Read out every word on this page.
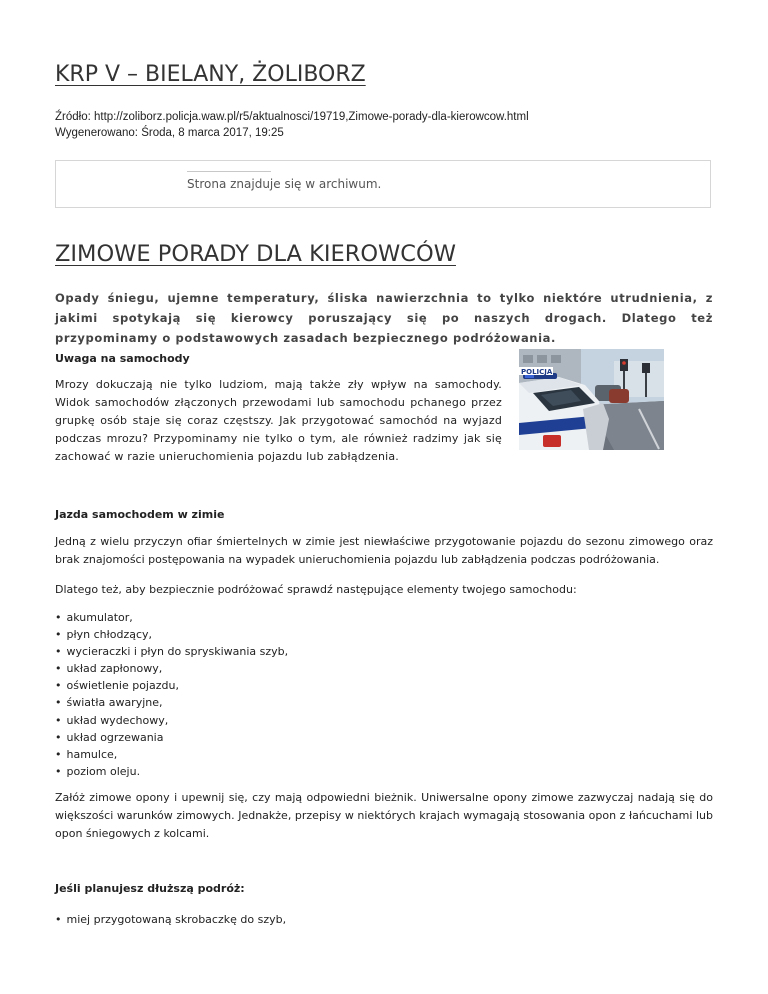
KRP V – BIELANY, ŻOLIBORZ
Źródło: http://zoliborz.policja.waw.pl/r5/aktualnosci/19719,Zimowe-porady-dla-kierowcow.html
Wygenerowano: Środa, 8 marca 2017, 19:25
Strona znajduje się w archiwum.
ZIMOWE PORADY DLA KIEROWCÓW

Opady śniegu, ujemne temperatury, śliska nawierzchnia to tylko niektóre utrudnienia, z jakimi spotykają się kierowcy poruszający się po naszych drogach. Dlatego też przypominamy o podstawowych zasadach bezpiecznego podróżowania.

Uwaga na samochody

Mrozy dokuczają nie tylko ludziom, mają także zły wpływ na samochody. Widok samochodów złączonych przewodami lub samochodu pchanego przez grupkę osób staje się coraz częstszy. Jak przygotować samochód na wyjazd podczas mrozu? Przypominamy nie tylko o tym, ale również radzimy jak się zachować w razie unieruchomienia pojazdu lub zabłądzenia.

POLICJA
Jazda samochodem w zimie

Jedną z wielu przyczyn ofiar śmiertelnych w zimie jest niewłaściwe przygotowanie pojazdu do sezonu zimowego oraz brak znajomości postępowania na wypadek unieruchomienia pojazdu lub zabłądzenia podczas podróżowania.

Dlatego też, aby bezpiecznie podróżować sprawdź następujące elementy twojego samochodu:

• akumulator,
• płyn chłodzący,
• wycieraczki i płyn do spryskiwania szyb,
• układ zapłonowy,
• oświetlenie pojazdu,
• światła awaryjne,
• układ wydechowy,
• układ ogrzewania
• hamulce,
• poziom oleju.

Załóż zimowe opony i upewnij się, czy mają odpowiedni bieżnik. Uniwersalne opony zimowe zazwyczaj nadają się do większości warunków zimowych. Jednakże, przepisy w niektórych krajach wymagają stosowania opon z łańcuchami lub opon śniegowych z kolcami.

Jeśli planujesz dłuższą podróż:
• miej przygotowaną skrobaczkę do szyb,
